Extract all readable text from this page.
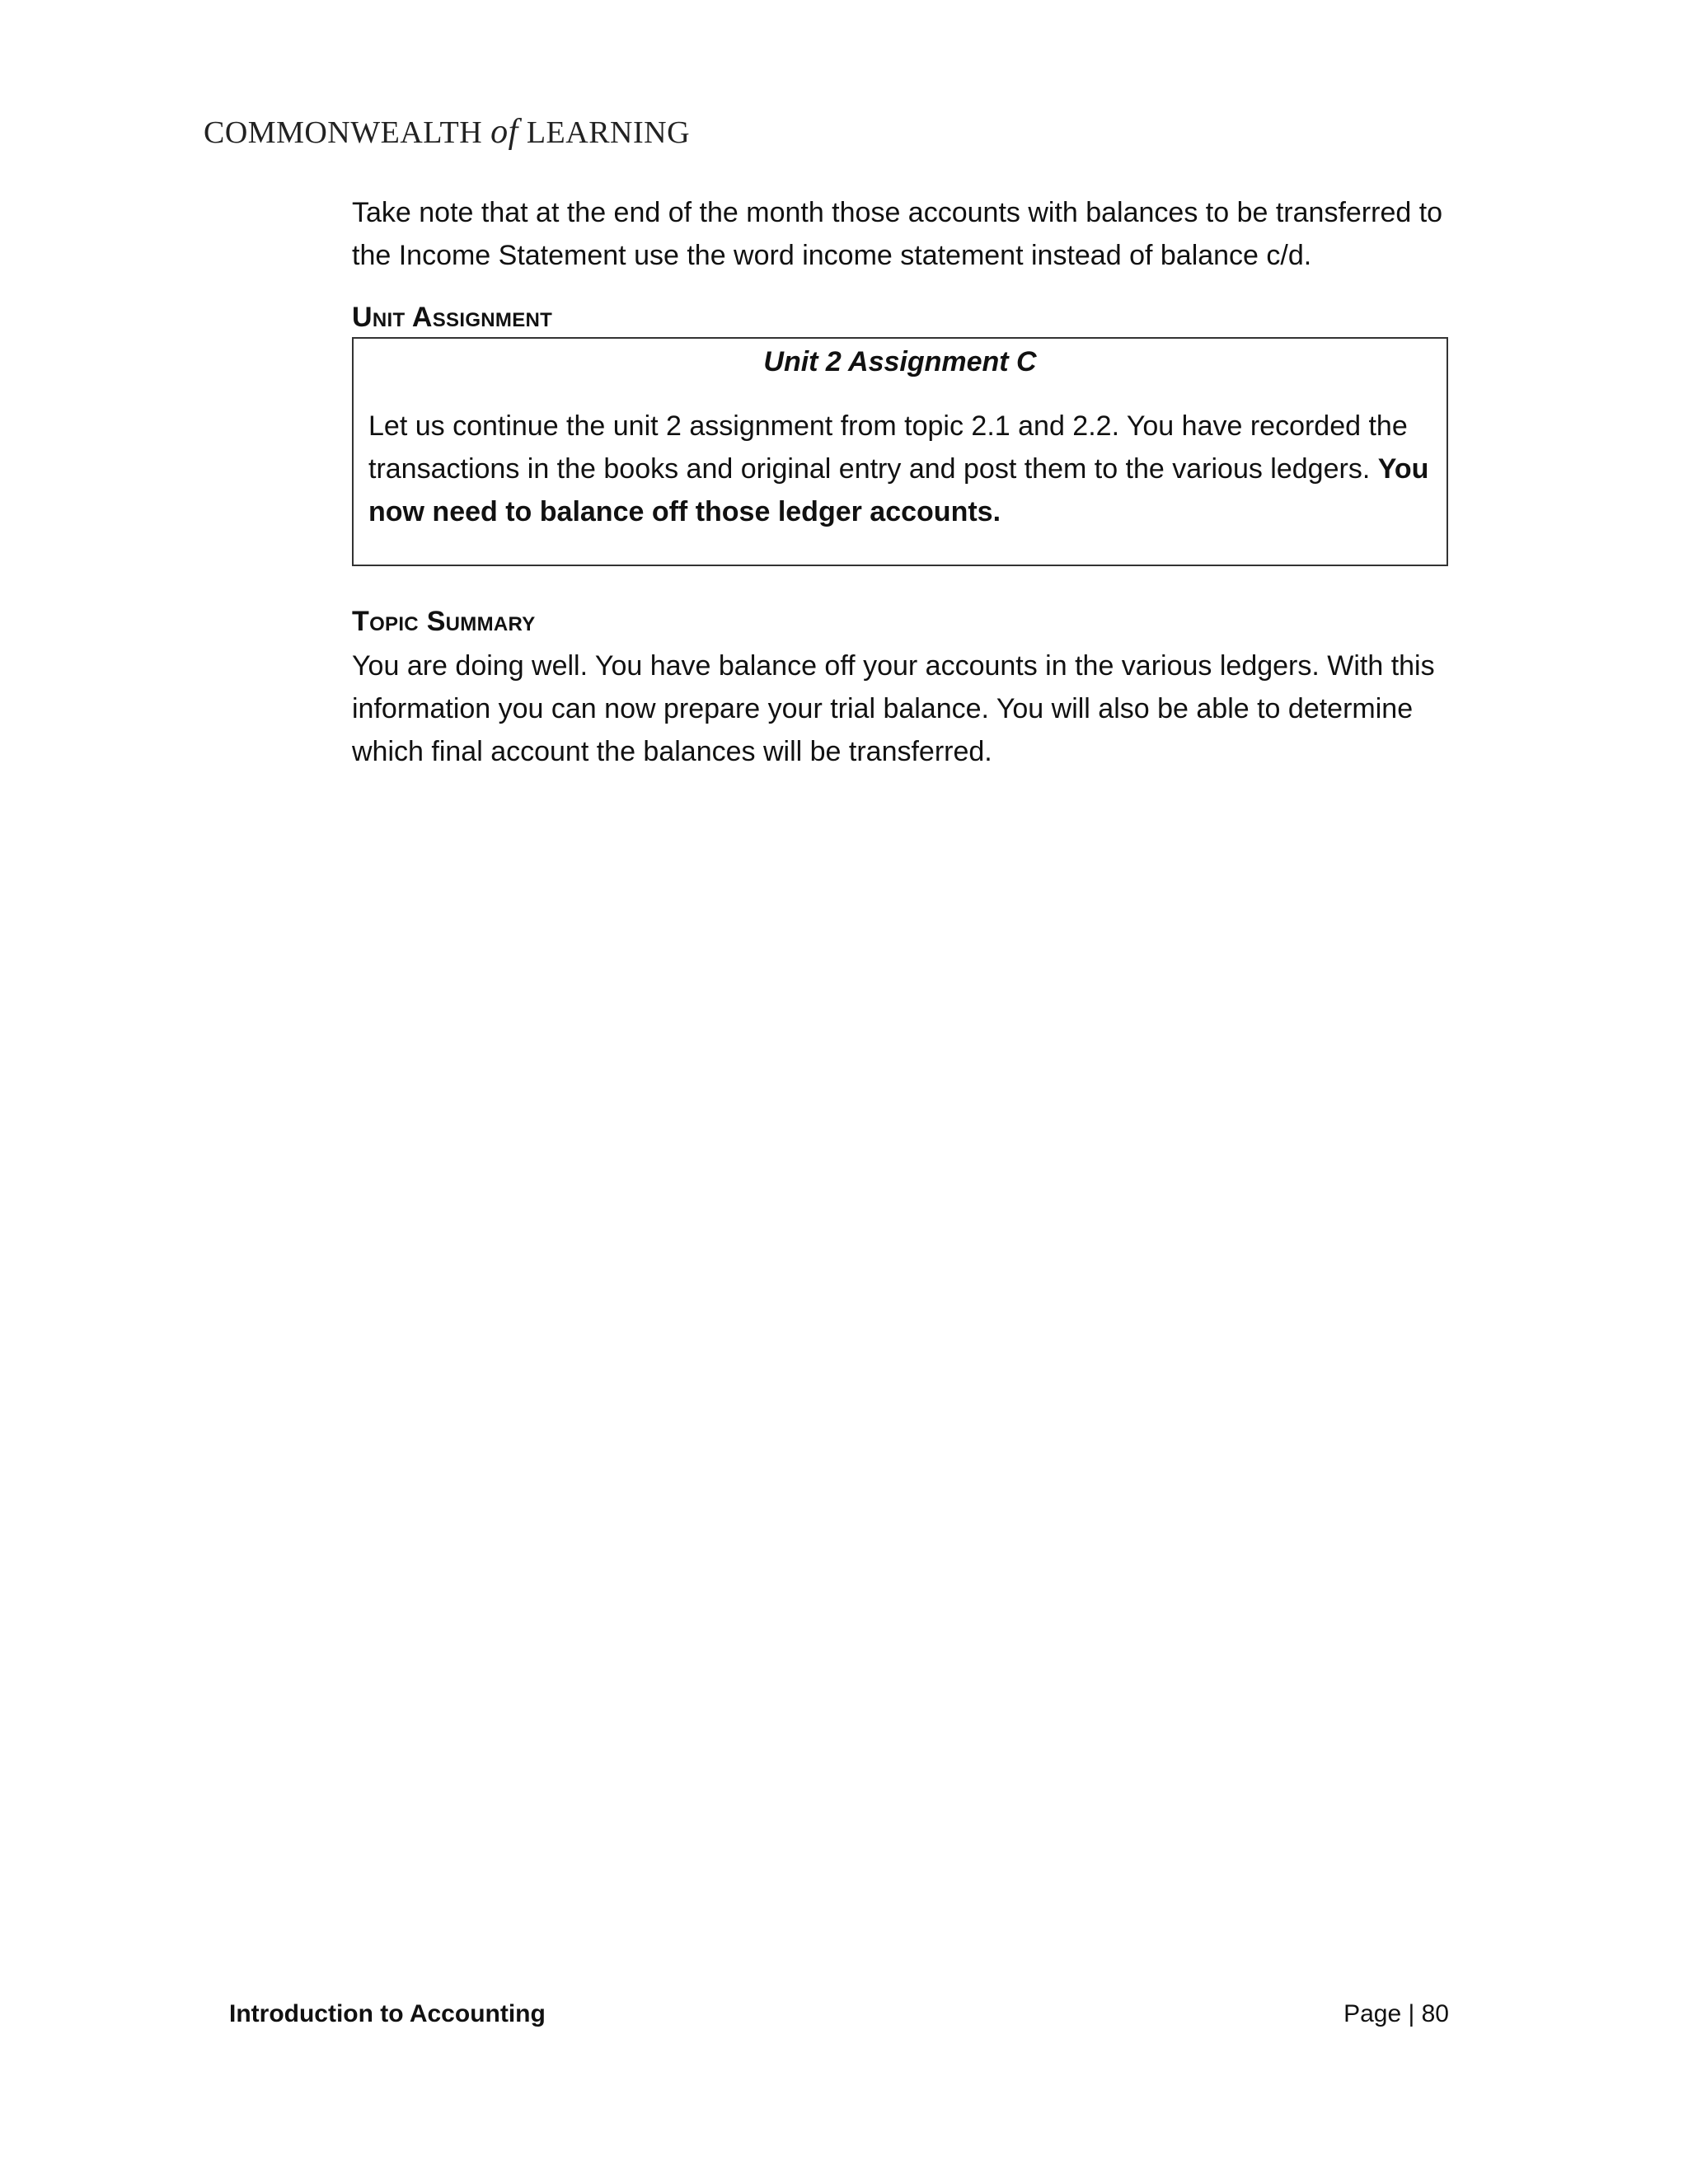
COMMONWEALTH of LEARNING

Take note that at the end of the month those accounts with balances to be transferred to the Income Statement use the word income statement instead of balance c/d.

Unit Assignment
Unit 2 Assignment C

Let us continue the unit 2 assignment from topic 2.1 and 2.2. You have recorded the transactions in the books and original entry and post them to the various ledgers. You now need to balance off those ledger accounts.

Topic Summary

You are doing well. You have balance off your accounts in the various ledgers. With this information you can now prepare your trial balance. You will also be able to determine which final account the balances will be transferred.

Introduction to Accounting	Page | 80
